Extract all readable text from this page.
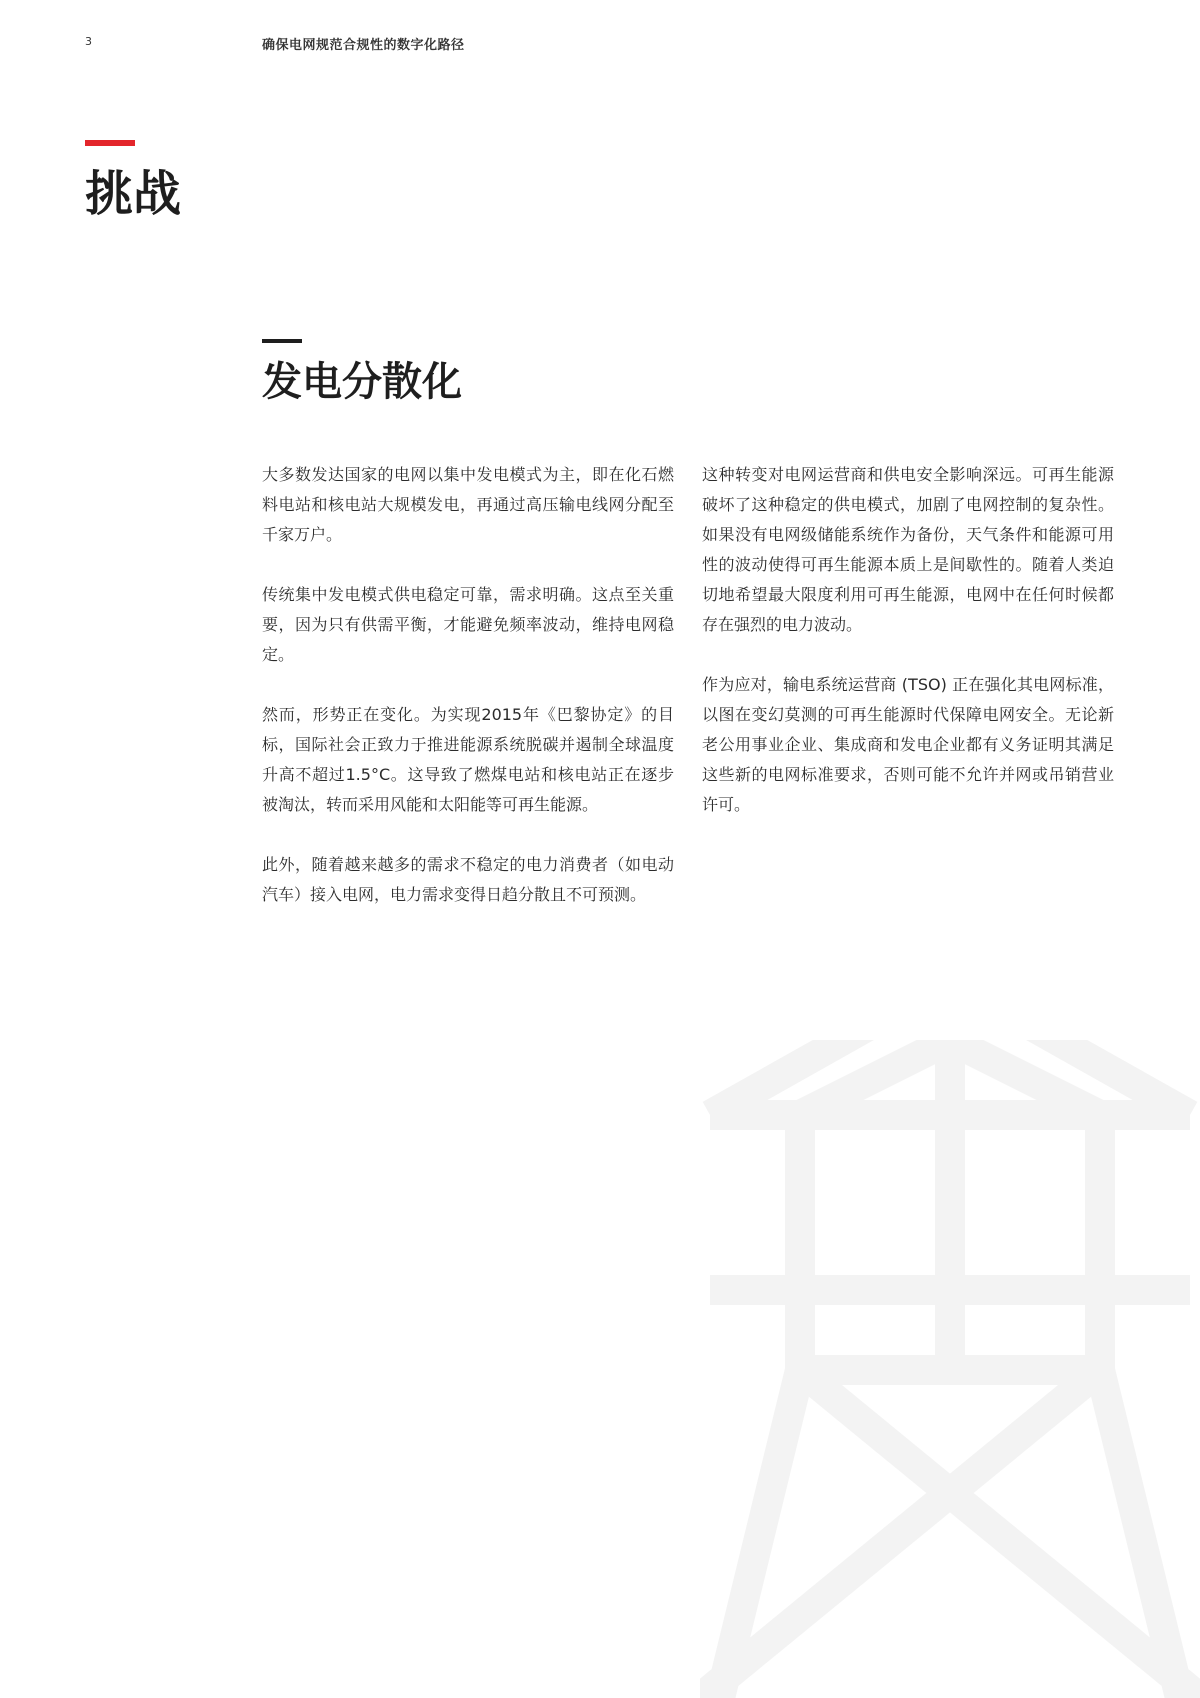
3	确保电网规范合规性的数字化路径
挑战
发电分散化

大多数发达国家的电网以集中发电模式为主，即在化石燃料电站和核电站大规模发电，再通过高压输电线网分配至千家万户。

传统集中发电模式供电稳定可靠，需求明确。这点至关重要，因为只有供需平衡，才能避免频率波动，维持电网稳定。

然而，形势正在变化。为实现2015年《巴黎协定》的目标，国际社会正致力于推进能源系统脱碳并遏制全球温度升高不超过1.5°C。这导致了燃煤电站和核电站正在逐步被淘汰，转而采用风能和太阳能等可再生能源。

此外，随着越来越多的需求不稳定的电力消费者（如电动汽车）接入电网，电力需求变得日趋分散且不可预测。

这种转变对电网运营商和供电安全影响深远。可再生能源破坏了这种稳定的供电模式，加剧了电网控制的复杂性。如果没有电网级储能系统作为备份，天气条件和能源可用性的波动使得可再生能源本质上是间歇性的。随着人类迫切地希望最大限度利用可再生能源，电网中在任何时候都存在强烈的电力波动。

作为应对，输电系统运营商 (TSO) 正在强化其电网标准，以图在变幻莫测的可再生能源时代保障电网安全。无论新老公用事业企业、集成商和发电企业都有义务证明其满足这些新的电网标准要求，否则可能不允许并网或吊销营业许可。
